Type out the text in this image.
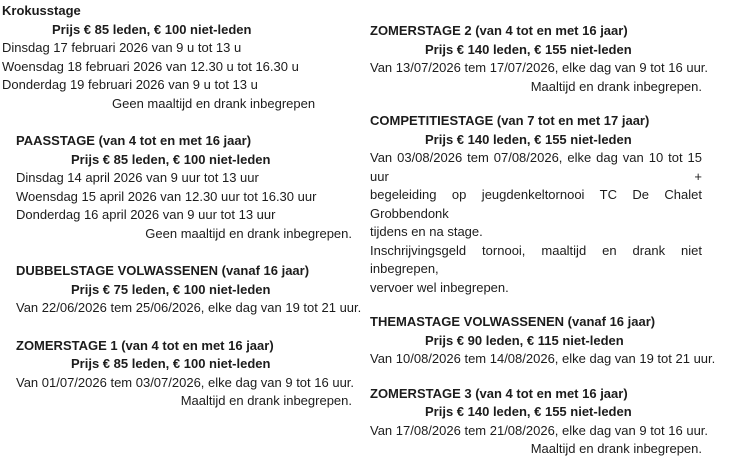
Krokusstage
Prijs € 85 leden, € 100 niet-leden
Dinsdag 17 februari 2026 van 9 u tot 13 u
Woensdag 18 februari 2026 van 12.30 u tot 16.30 u
Donderdag 19 februari 2026 van 9 u tot 13 u
Geen maaltijd en drank inbegrepen
PAASSTAGE (van 4 tot en met 16 jaar)
Prijs € 85 leden, € 100 niet-leden
Dinsdag 14 april 2026 van 9 uur tot 13 uur
Woensdag 15 april 2026 van 12.30 uur tot 16.30 uur
Donderdag 16 april 2026 van 9 uur tot 13 uur
Geen maaltijd en drank inbegrepen.
DUBBELSTAGE VOLWASSENEN (vanaf 16 jaar)
Prijs € 75 leden, € 100 niet-leden
Van 22/06/2026 tem 25/06/2026, elke dag van 19 tot 21 uur.
ZOMERSTAGE 1 (van 4 tot en met 16 jaar)
Prijs € 85 leden, € 100 niet-leden
Van 01/07/2026 tem 03/07/2026, elke dag van 9 tot 16 uur.
Maaltijd en drank inbegrepen.
ZOMERSTAGE 2 (van 4 tot en met 16 jaar)
Prijs € 140 leden, € 155 niet-leden
Van 13/07/2026 tem 17/07/2026, elke dag van 9 tot 16 uur.
Maaltijd en drank inbegrepen.
COMPETITIESTAGE (van 7 tot en met 17 jaar)
Prijs € 140 leden, € 155 niet-leden
Van 03/08/2026 tem 07/08/2026, elke dag van 10 tot 15 uur +
begeleiding op jeugdenkeltornooi TC De Chalet Grobbendonk
tijdens en na stage.
Inschrijvingsgeld tornooi, maaltijd en drank niet inbegrepen,
vervoer wel inbegrepen.
THEMASTAGE VOLWASSENEN (vanaf 16 jaar)
Prijs € 90 leden, € 115 niet-leden
Van 10/08/2026 tem 14/08/2026, elke dag van 19 tot 21 uur.
ZOMERSTAGE 3 (van 4 tot en met 16 jaar)
Prijs € 140 leden, € 155 niet-leden
Van 17/08/2026 tem 21/08/2026, elke dag van 9 tot 16 uur.
Maaltijd en drank inbegrepen.
